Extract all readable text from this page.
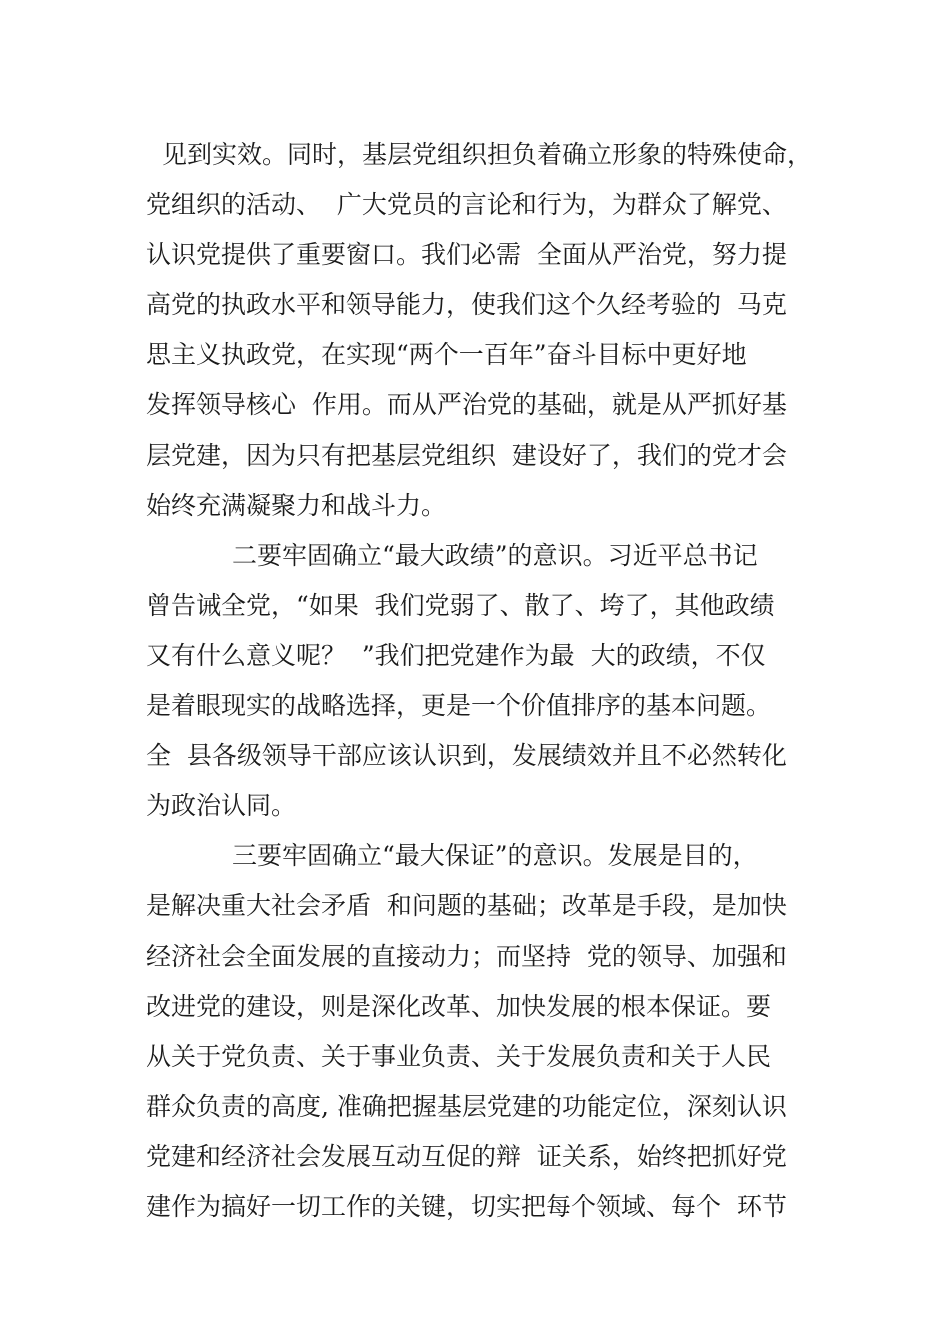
见到实效。同时，基层党组织担负着确立形象的特殊使命，
党组织的活动、  广大党员的言论和行为，为群众了解党、
认识党提供了重要窗口。我们必需  全面从严治党，努力提
高党的执政水平和领导能力，使我们这个久经考验的  马克
思主义执政党，在实现“两个一百年”奋斗目标中更好地
发挥领导核心  作用。而从严治党的基础，就是从严抓好基
层党建，因为只有把基层党组织  建设好了，我们的党才会
始终充满凝聚力和战斗力。
二要牢固确立“最大政绩”的意识。习近平总书记
曾告诫全党，“如果  我们党弱了、散了、垮了，其他政绩
又有什么意义呢？  ”我们把党建作为最  大的政绩，不仅
是着眼现实的战略选择，更是一个价值排序的基本问题。
全  县各级领导干部应该认识到，发展绩效并且不必然转化
为政治认同。
三要牢固确立“最大保证”的意识。发展是目的，
是解决重大社会矛盾  和问题的基础；改革是手段，是加快
经济社会全面发展的直接动力；而坚持  党的领导、加强和
改进党的建设，则是深化改革、加快发展的根本保证。要
从关于党负责、关于事业负责、关于发展负责和关于人民
群众负责的高度, 准确把握基层党建的功能定位，深刻认识
党建和经济社会发展互动互促的辩  证关系，始终把抓好党
建作为搞好一切工作的关键，切实把每个领域、每个  环节
